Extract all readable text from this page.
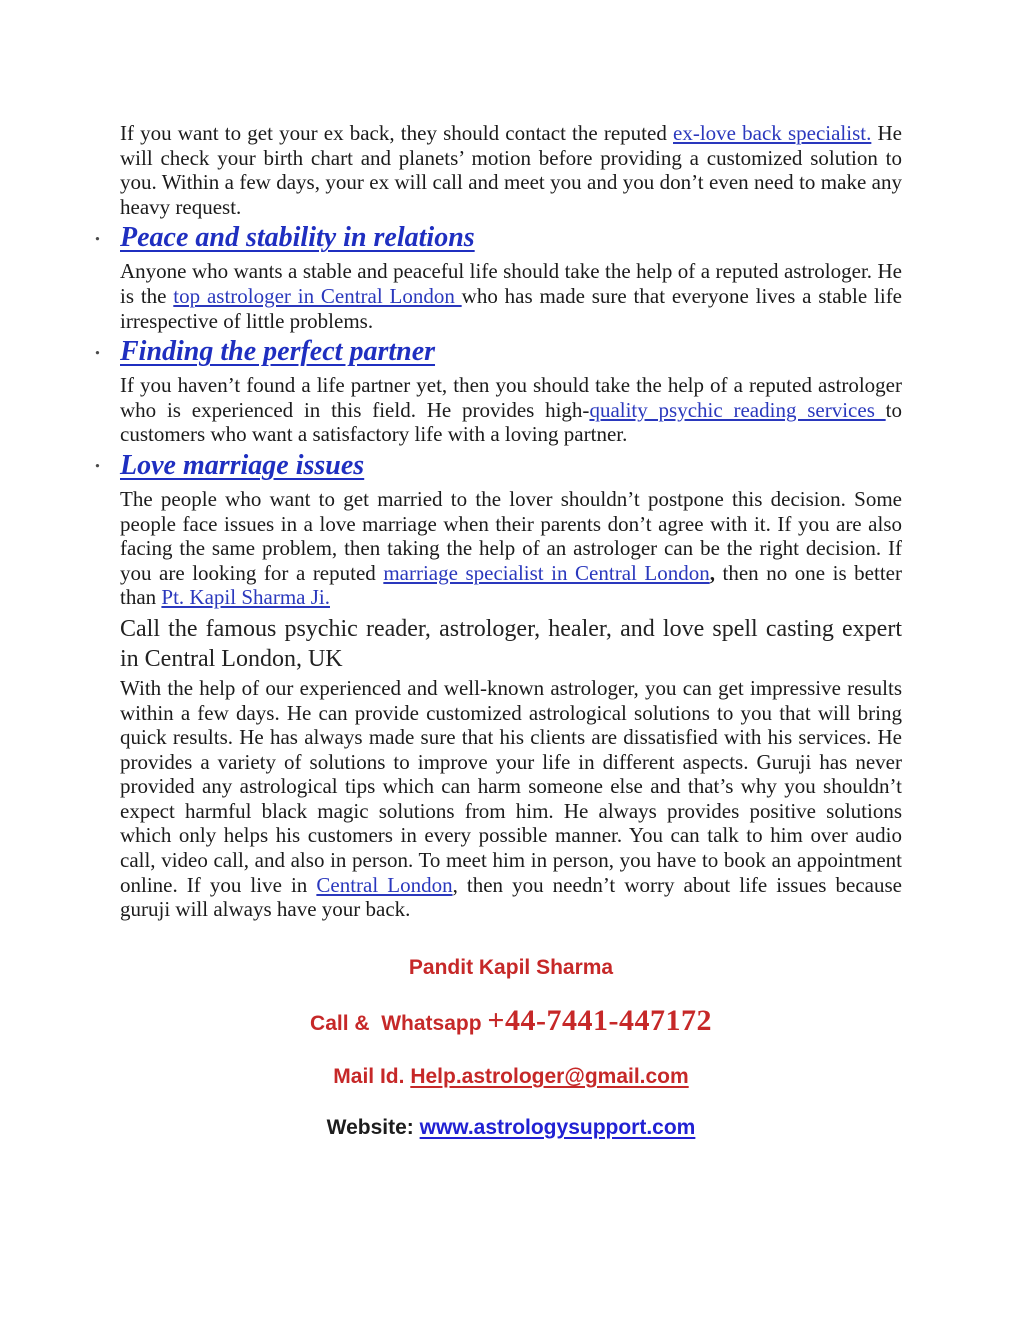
If you want to get your ex back, they should contact the reputed ex-love back specialist. He will check your birth chart and planets’ motion before providing a customized solution to you. Within a few days, your ex will call and meet you and you don’t even need to make any heavy request.

• Peace and stability in relations

Anyone who wants a stable and peaceful life should take the help of a reputed astrologer. He is the top astrologer in Central London who has made sure that everyone lives a stable life irrespective of little problems.

• Finding the perfect partner

If you haven’t found a life partner yet, then you should take the help of a reputed astrologer who is experienced in this field. He provides high-quality psychic reading services to customers who want a satisfactory life with a loving partner.

• Love marriage issues

The people who want to get married to the lover shouldn’t postpone this decision. Some people face issues in a love marriage when their parents don’t agree with it. If you are also facing the same problem, then taking the help of an astrologer can be the right decision. If you are looking for a reputed marriage specialist in Central London, then no one is better than Pt. Kapil Sharma Ji.

Call the famous psychic reader, astrologer, healer, and love spell casting expert in Central London, UK

With the help of our experienced and well-known astrologer, you can get impressive results within a few days. He can provide customized astrological solutions to you that will bring quick results. He has always made sure that his clients are dissatisfied with his services. He provides a variety of solutions to improve your life in different aspects. Guruji has never provided any astrological tips which can harm someone else and that’s why you shouldn’t expect harmful black magic solutions from him. He always provides positive solutions which only helps his customers in every possible manner. You can talk to him over audio call, video call, and also in person. To meet him in person, you have to book an appointment online. If you live in Central London, then you needn’t worry about life issues because guruji will always have your back.

Pandit Kapil Sharma
Call &  Whatsapp +44-7441-447172
Mail Id. Help.astrologer@gmail.com
Website: www.astrologysupport.com
